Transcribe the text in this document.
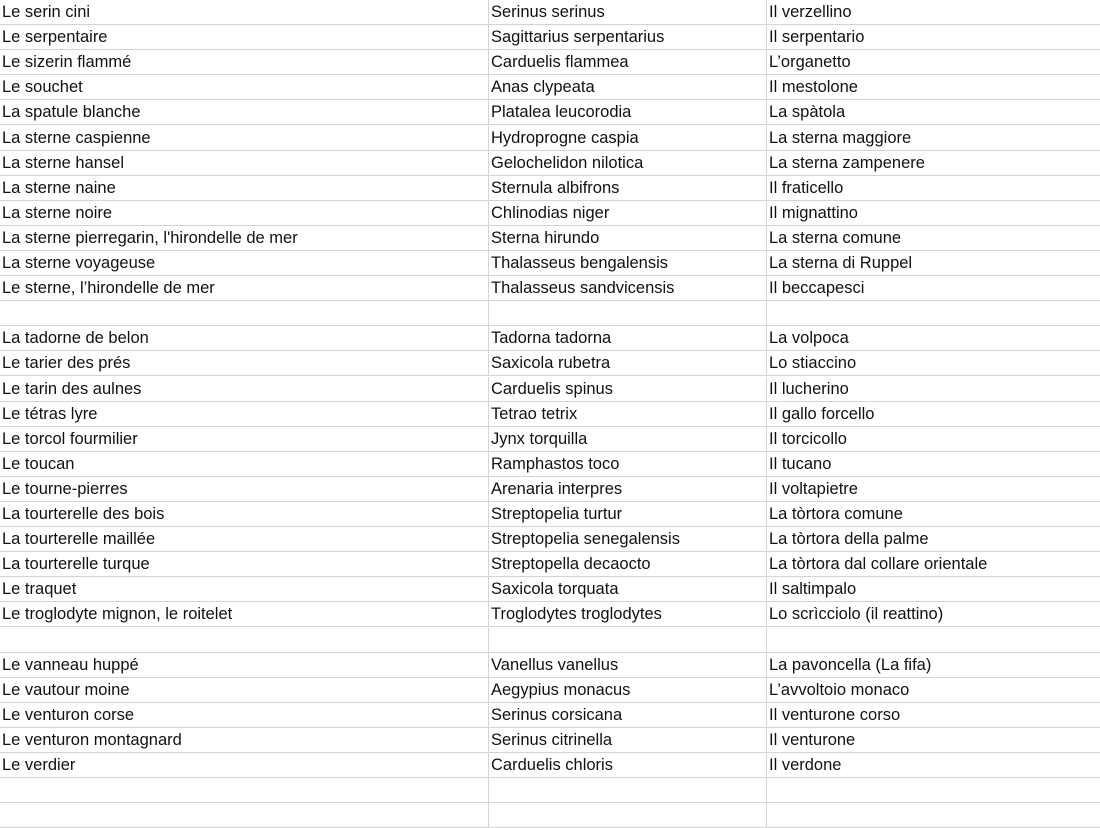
Le serin cini	Serinus serinus	Il verzellino
Le serpentaire	Sagittarius serpentarius	Il serpentario
Le sizerin flammé	Carduelis flammea	L’organetto
Le souchet	Anas clypeata	Il mestolone
La spatule blanche	Platalea leucorodia	La spàtola
La sterne caspienne	Hydroprogne caspia	La sterna maggiore
La sterne hansel	Gelochelidon nilotica	La sterna zampenere
La sterne naine	Sternula albifrons	Il fraticello
La sterne noire	Chlinodias niger	Il mignattino
La sterne pierregarin, l'hirondelle de mer	Sterna hirundo	La sterna comune
La sterne voyageuse	Thalasseus bengalensis	La sterna di Ruppel
Le sterne, l’hirondelle de mer	Thalasseus sandvicensis	Il beccapesci
La tadorne de belon	Tadorna tadorna	La volpoca
Le tarier des prés	Saxicola rubetra	Lo stiaccino
Le tarin des aulnes	Carduelis spinus	Il lucherino
Le tétras lyre	Tetrao tetrix	Il gallo forcello
Le torcol fourmilier	Jynx torquilla	Il torcicollo
Le toucan	Ramphastos toco	Il tucano
Le tourne-pierres	Arenaria interpres	Il voltapietre
La tourterelle des bois	Streptopelia turtur	La tòrtora comune
La tourterelle maillée	Streptopelia senegalensis	La tòrtora della palme
La tourterelle turque	Streptopella decaocto	La tòrtora dal collare orientale
Le traquet	Saxicola torquata	Il saltimpalo
Le troglodyte mignon, le roitelet	Troglodytes troglodytes	Lo scrìcciolo (il reattino)
Le vanneau huppé	Vanellus vanellus	La pavoncella (La fifa)
Le vautour moine	Aegypius monacus	L’avvoltoio monaco
Le venturon corse	Serinus corsicana	Il venturone corso
Le venturon montagnard	Serinus citrinella	Il venturone
Le verdier	Carduelis chloris	Il verdone
